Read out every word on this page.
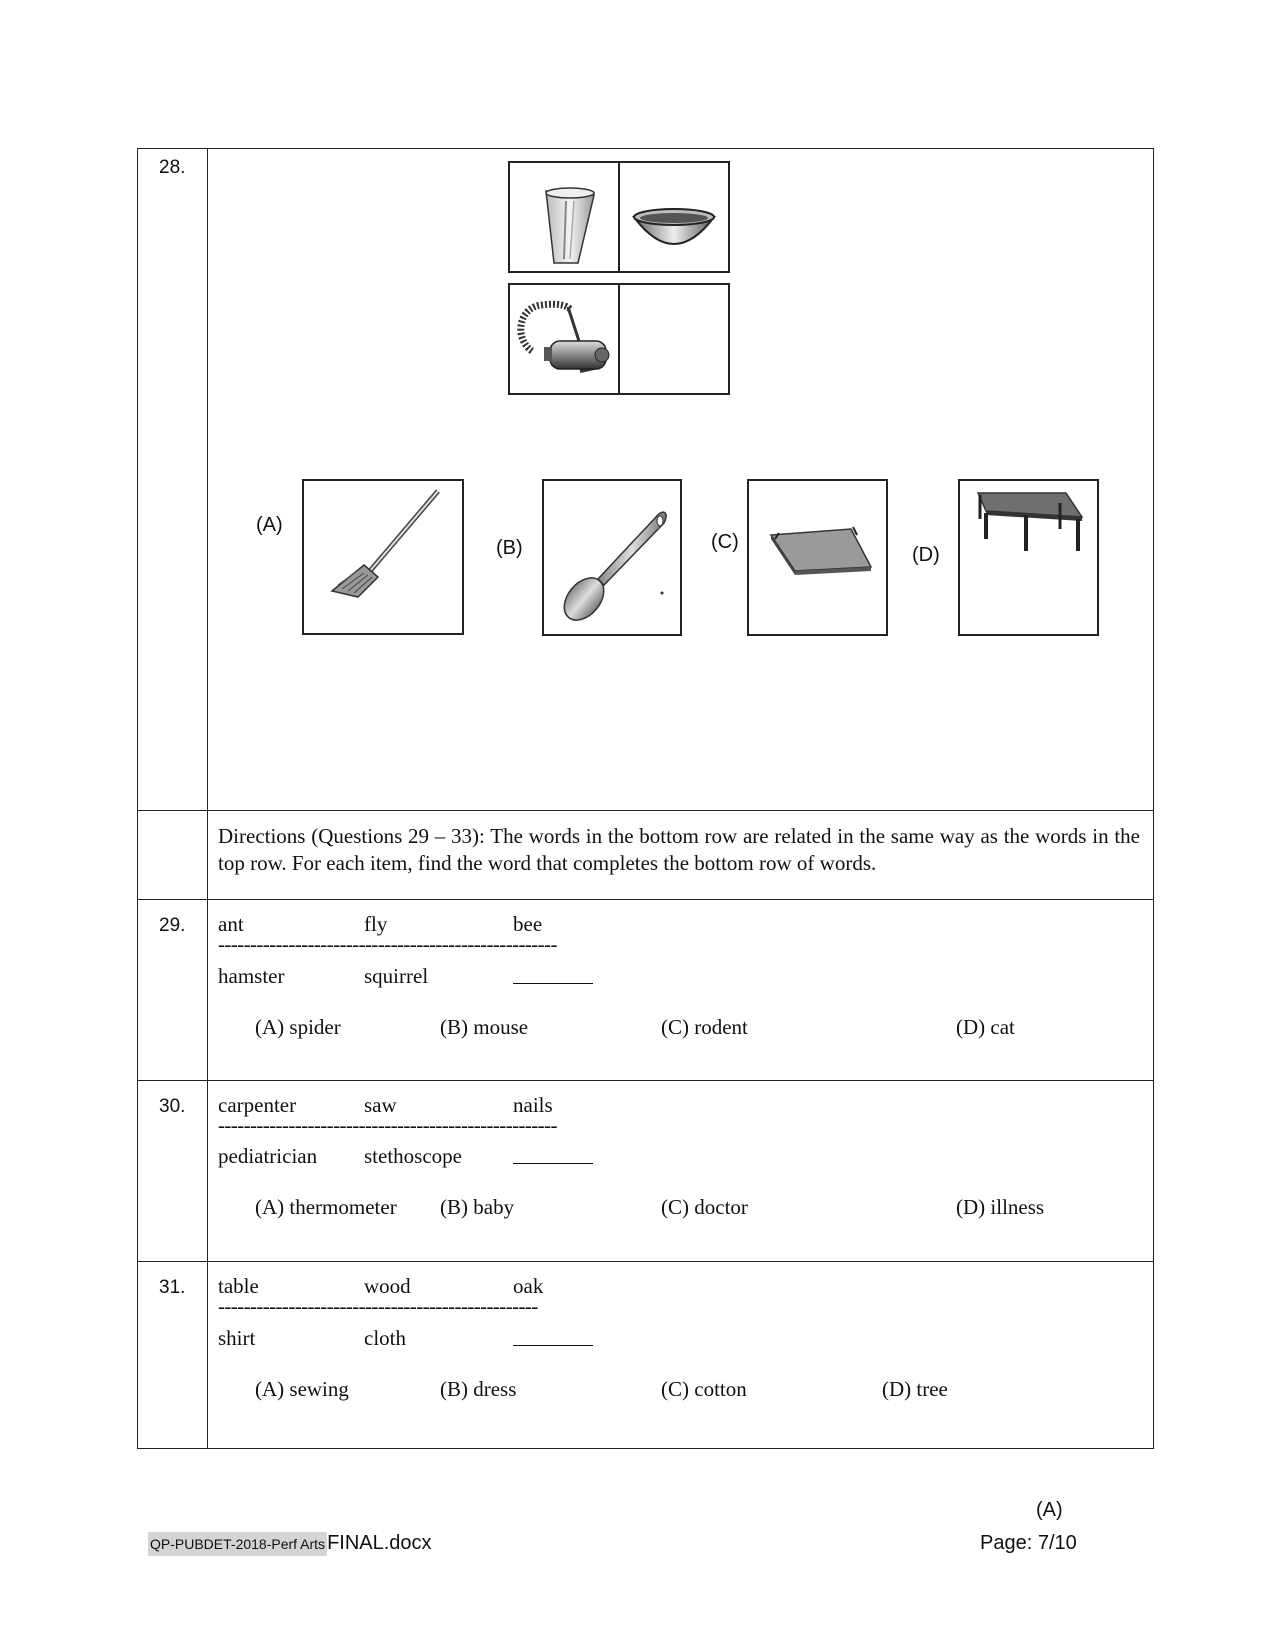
28.
(A)
(B)	(C)
(D)
Directions (Questions 29 – 33): The words in the bottom row are related in the same way as the words in the top row. For each item, find the word that completes the bottom row of words.
29. ant	fly	bee
-----------------------------------------------------
hamster	squirrel
(A) spider	(B) mouse	(C) rodent	(D) cat
30. carpenter	saw	nails
-----------------------------------------------------
pediatrician stethoscope
(A) thermometer (B) baby	(C) doctor	(D) illness
31. table	wood	oak
--------------------------------------------------
shirt	cloth
(A) sewing	(B) dress	(C) cotton	(D) tree
QP-PUBDET-2018-Perf Arts FINAL.docx
(A)
Page: 7/10
